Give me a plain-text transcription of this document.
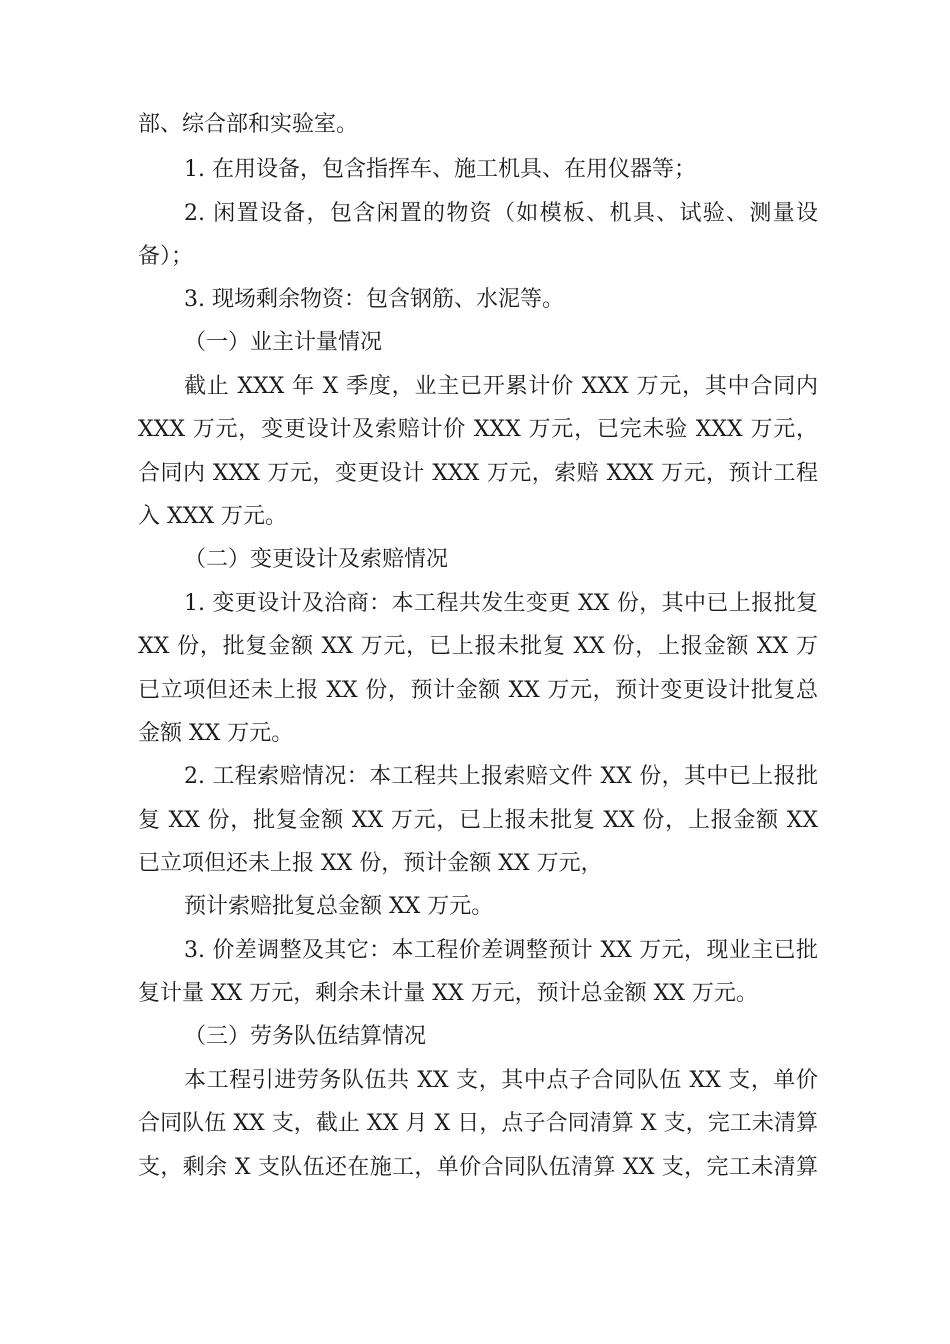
部、综合部和实验室。
1. 在用设备，包含指挥车、施工机具、在用仪器等；
2. 闲置设备，包含闲置的物资（如模板、机具、试验、测量设
备）；
3. 现场剩余物资：包含钢筋、水泥等。
（一）业主计量情况
截止 XXX 年 X 季度，业主已开累计价 XXX 万元，其中合同内
XXX 万元，变更设计及索赔计价 XXX 万元，已完未验 XXX 万元，
合同内 XXX 万元，变更设计 XXX 万元，索赔 XXX 万元，预计工程
入 XXX 万元。
（二）变更设计及索赔情况
1. 变更设计及洽商：本工程共发生变更 XX 份，其中已上报批复
XX 份，批复金额 XX 万元，已上报未批复 XX 份，上报金额 XX 万
已立项但还未上报 XX 份，预计金额 XX 万元，预计变更设计批复总
金额 XX 万元。
2. 工程索赔情况：本工程共上报索赔文件 XX 份，其中已上报批
复 XX 份，批复金额 XX 万元，已上报未批复 XX 份，上报金额 XX
已立项但还未上报 XX 份，预计金额 XX 万元，
预计索赔批复总金额 XX 万元。
3. 价差调整及其它：本工程价差调整预计 XX 万元，现业主已批
复计量 XX 万元，剩余未计量 XX 万元，预计总金额 XX 万元。
（三）劳务队伍结算情况
本工程引进劳务队伍共 XX 支，其中点子合同队伍 XX 支，单价
合同队伍 XX 支，截止 XX 月 X 日，点子合同清算 X 支，完工未清算
支，剩余 X 支队伍还在施工，单价合同队伍清算 XX 支，完工未清算
